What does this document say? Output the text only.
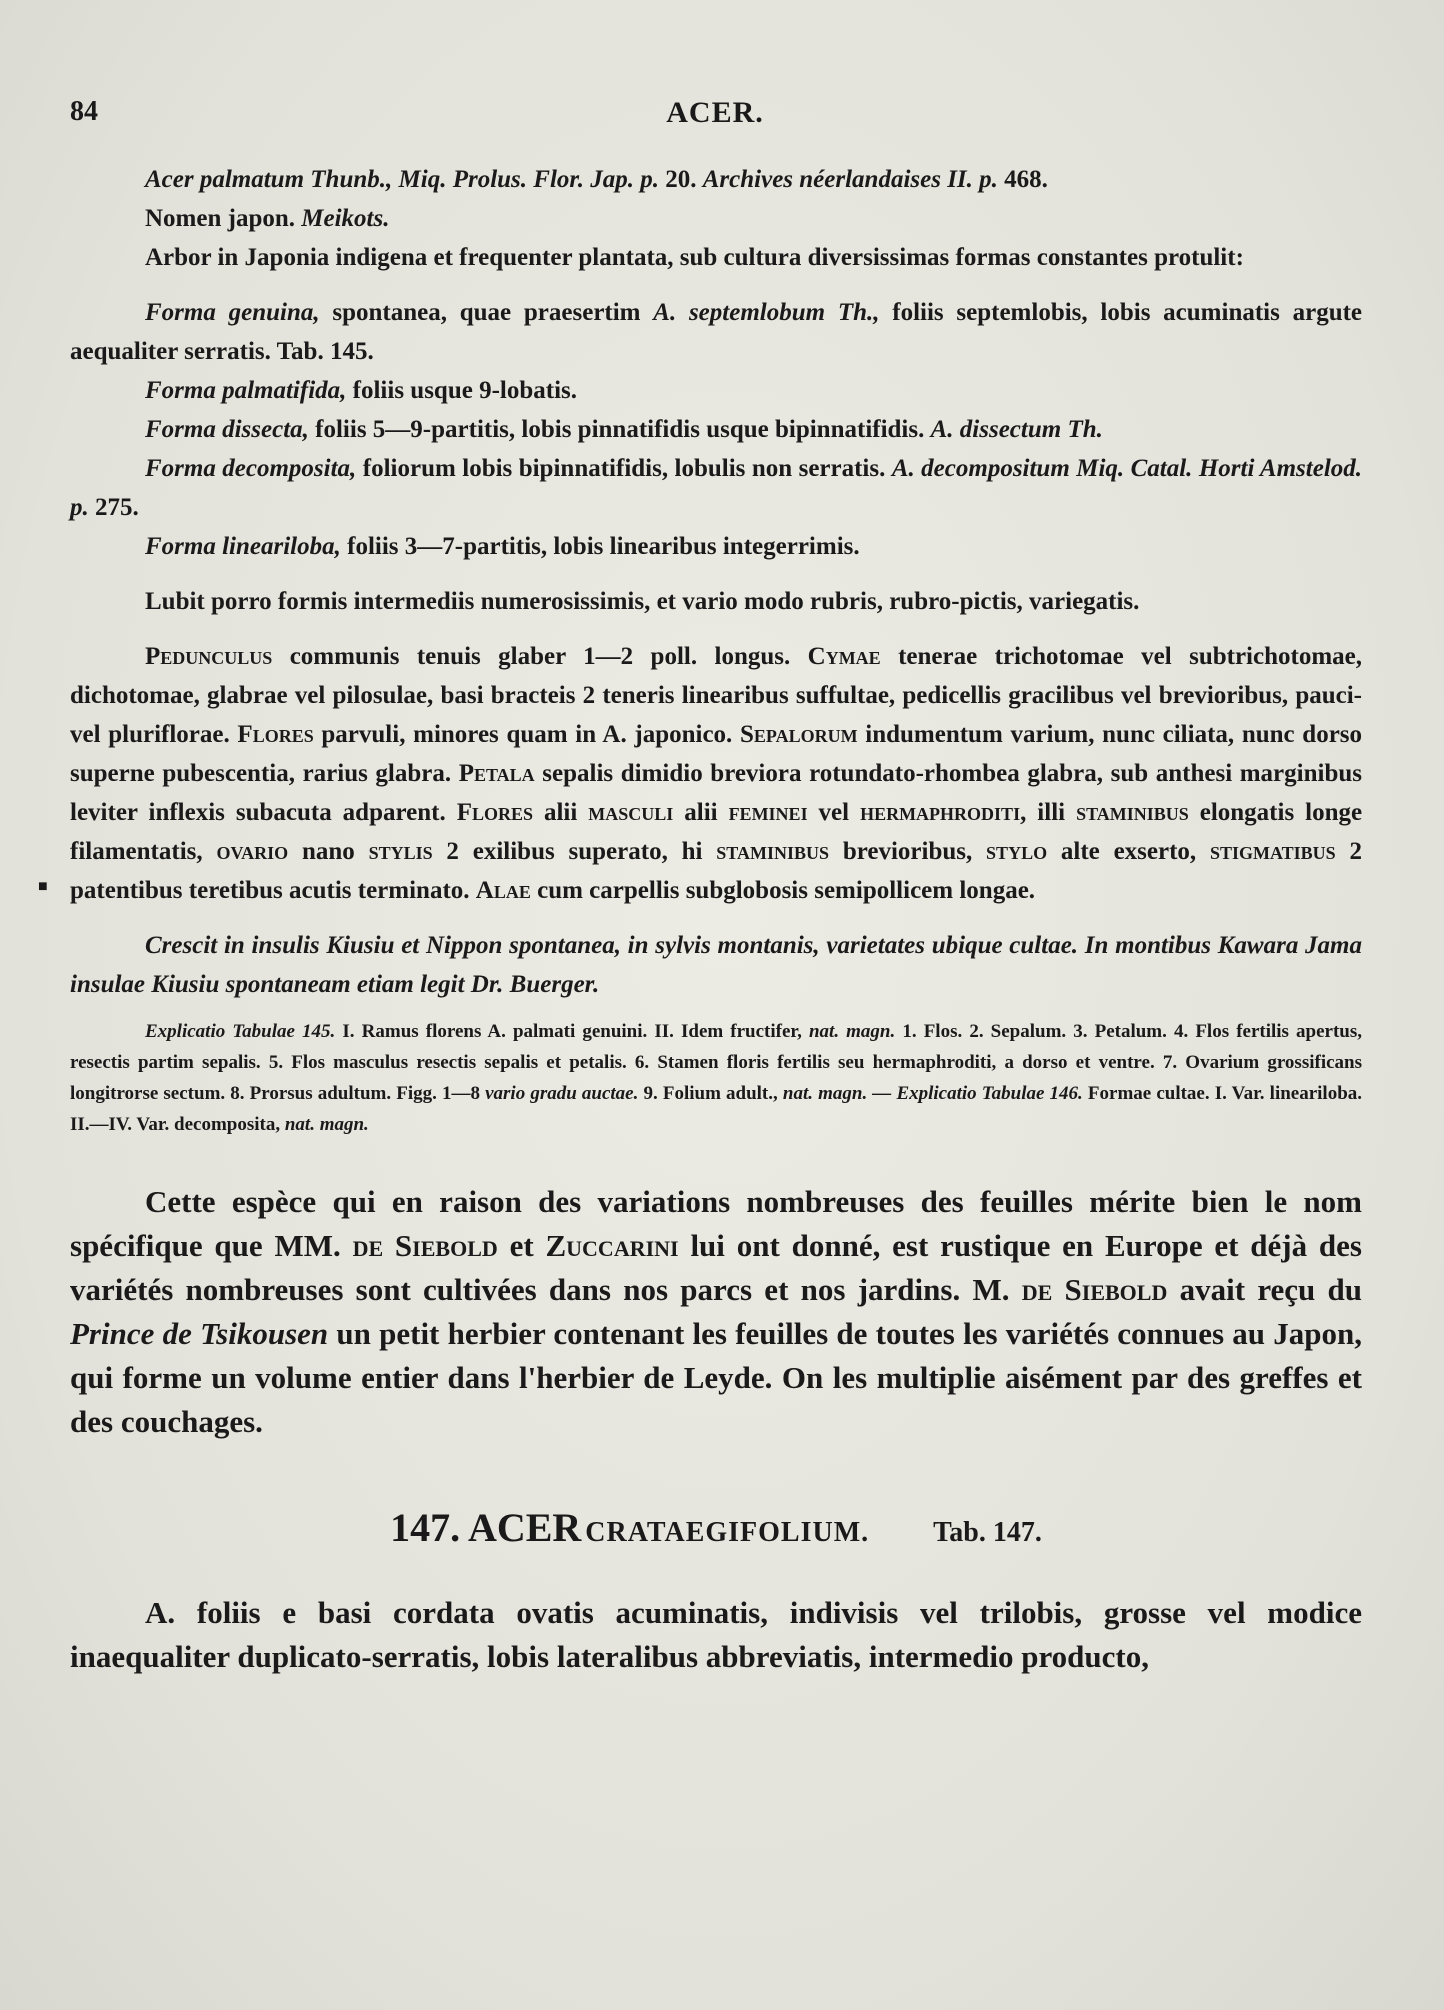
84	ACER.
■

Acer palmatum Thunb., Miq. Prolus. Flor. Jap. p. 20. Archives néerlandaises II. p. 468.

Nomen japon. Meikots.

Arbor in Japonia indigena et frequenter plantata, sub cultura diversissimas formas constantes protulit:

Forma genuina, spontanea, quae praesertim A. septemlobum Th., foliis septemlobis, lobis acuminatis argute aequaliter serratis. Tab. 145.

Forma palmatifida, foliis usque 9-lobatis.

Forma dissecta, foliis 5—9-partitis, lobis pinnatifidis usque bipinnatifidis. A. dissectum Th.

Forma decomposita, foliorum lobis bipinnatifidis, lobulis non serratis. A. decompositum Miq. Catal. Horti Amstelod. p. 275.

Forma lineariloba, foliis 3—7-partitis, lobis linearibus integerrimis.

Lubit porro formis intermediis numerosissimis, et vario modo rubris, rubro-pictis, variegatis.

Pedunculus communis tenuis glaber 1—2 poll. longus. Cymae tenerae trichotomae vel subtrichotomae, dichotomae, glabrae vel pilosulae, basi bracteis 2 teneris linearibus suffultae, pedicellis gracilibus vel brevioribus, pauci- vel pluriflorae. Flores parvuli, minores quam in A. japonico. Sepalorum indumentum varium, nunc ciliata, nunc dorso superne pubescentia, rarius glabra. Petala sepalis dimidio breviora rotundato-rhombea glabra, sub anthesi marginibus leviter inflexis subacuta adparent. Flores alii masculi alii feminei vel hermaphroditi, illi staminibus elongatis longe filamentatis, ovario nano stylis 2 exilibus superato, hi staminibus brevioribus, stylo alte exserto, stigmatibus 2 patentibus teretibus acutis terminato. Alae cum carpellis subglobosis semipollicem longae.

Crescit in insulis Kiusiu et Nippon spontanea, in sylvis montanis, varietates ubique cultae. In montibus Kawara Jama insulae Kiusiu spontaneam etiam legit Dr. Buerger.

Explicatio Tabulae 145. I. Ramus florens A. palmati genuini. II. Idem fructifer, nat. magn. 1. Flos. 2. Sepalum. 3. Petalum. 4. Flos fertilis apertus, resectis partim sepalis. 5. Flos masculus resectis sepalis et petalis. 6. Stamen floris fertilis seu hermaphroditi, a dorso et ventre. 7. Ovarium grossificans longitrorse sectum. 8. Prorsus adultum. Figg. 1—8 vario gradu auctae. 9. Folium adult., nat. magn. — Explicatio Tabulae 146. Formae cultae. I. Var. lineariloba. II.—IV. Var. decomposita, nat. magn.

Cette espèce qui en raison des variations nombreuses des feuilles mérite bien le nom spécifique que MM. de Siebold et Zuccarini lui ont donné, est rustique en Europe et déjà des variétés nombreuses sont cultivées dans nos parcs et nos jardins. M. de Siebold avait reçu du Prince de Tsikousen un petit herbier contenant les feuilles de toutes les variétés connues au Japon, qui forme un volume entier dans l'herbier de Leyde. On les multiplie aisément par des greffes et des couchages.

147. ACER CRATAEGIFOLIUM. Tab. 147.

A. foliis e basi cordata ovatis acuminatis, indivisis vel trilobis, grosse vel modice inaequaliter duplicato-serratis, lobis lateralibus abbreviatis, intermedio producto,
